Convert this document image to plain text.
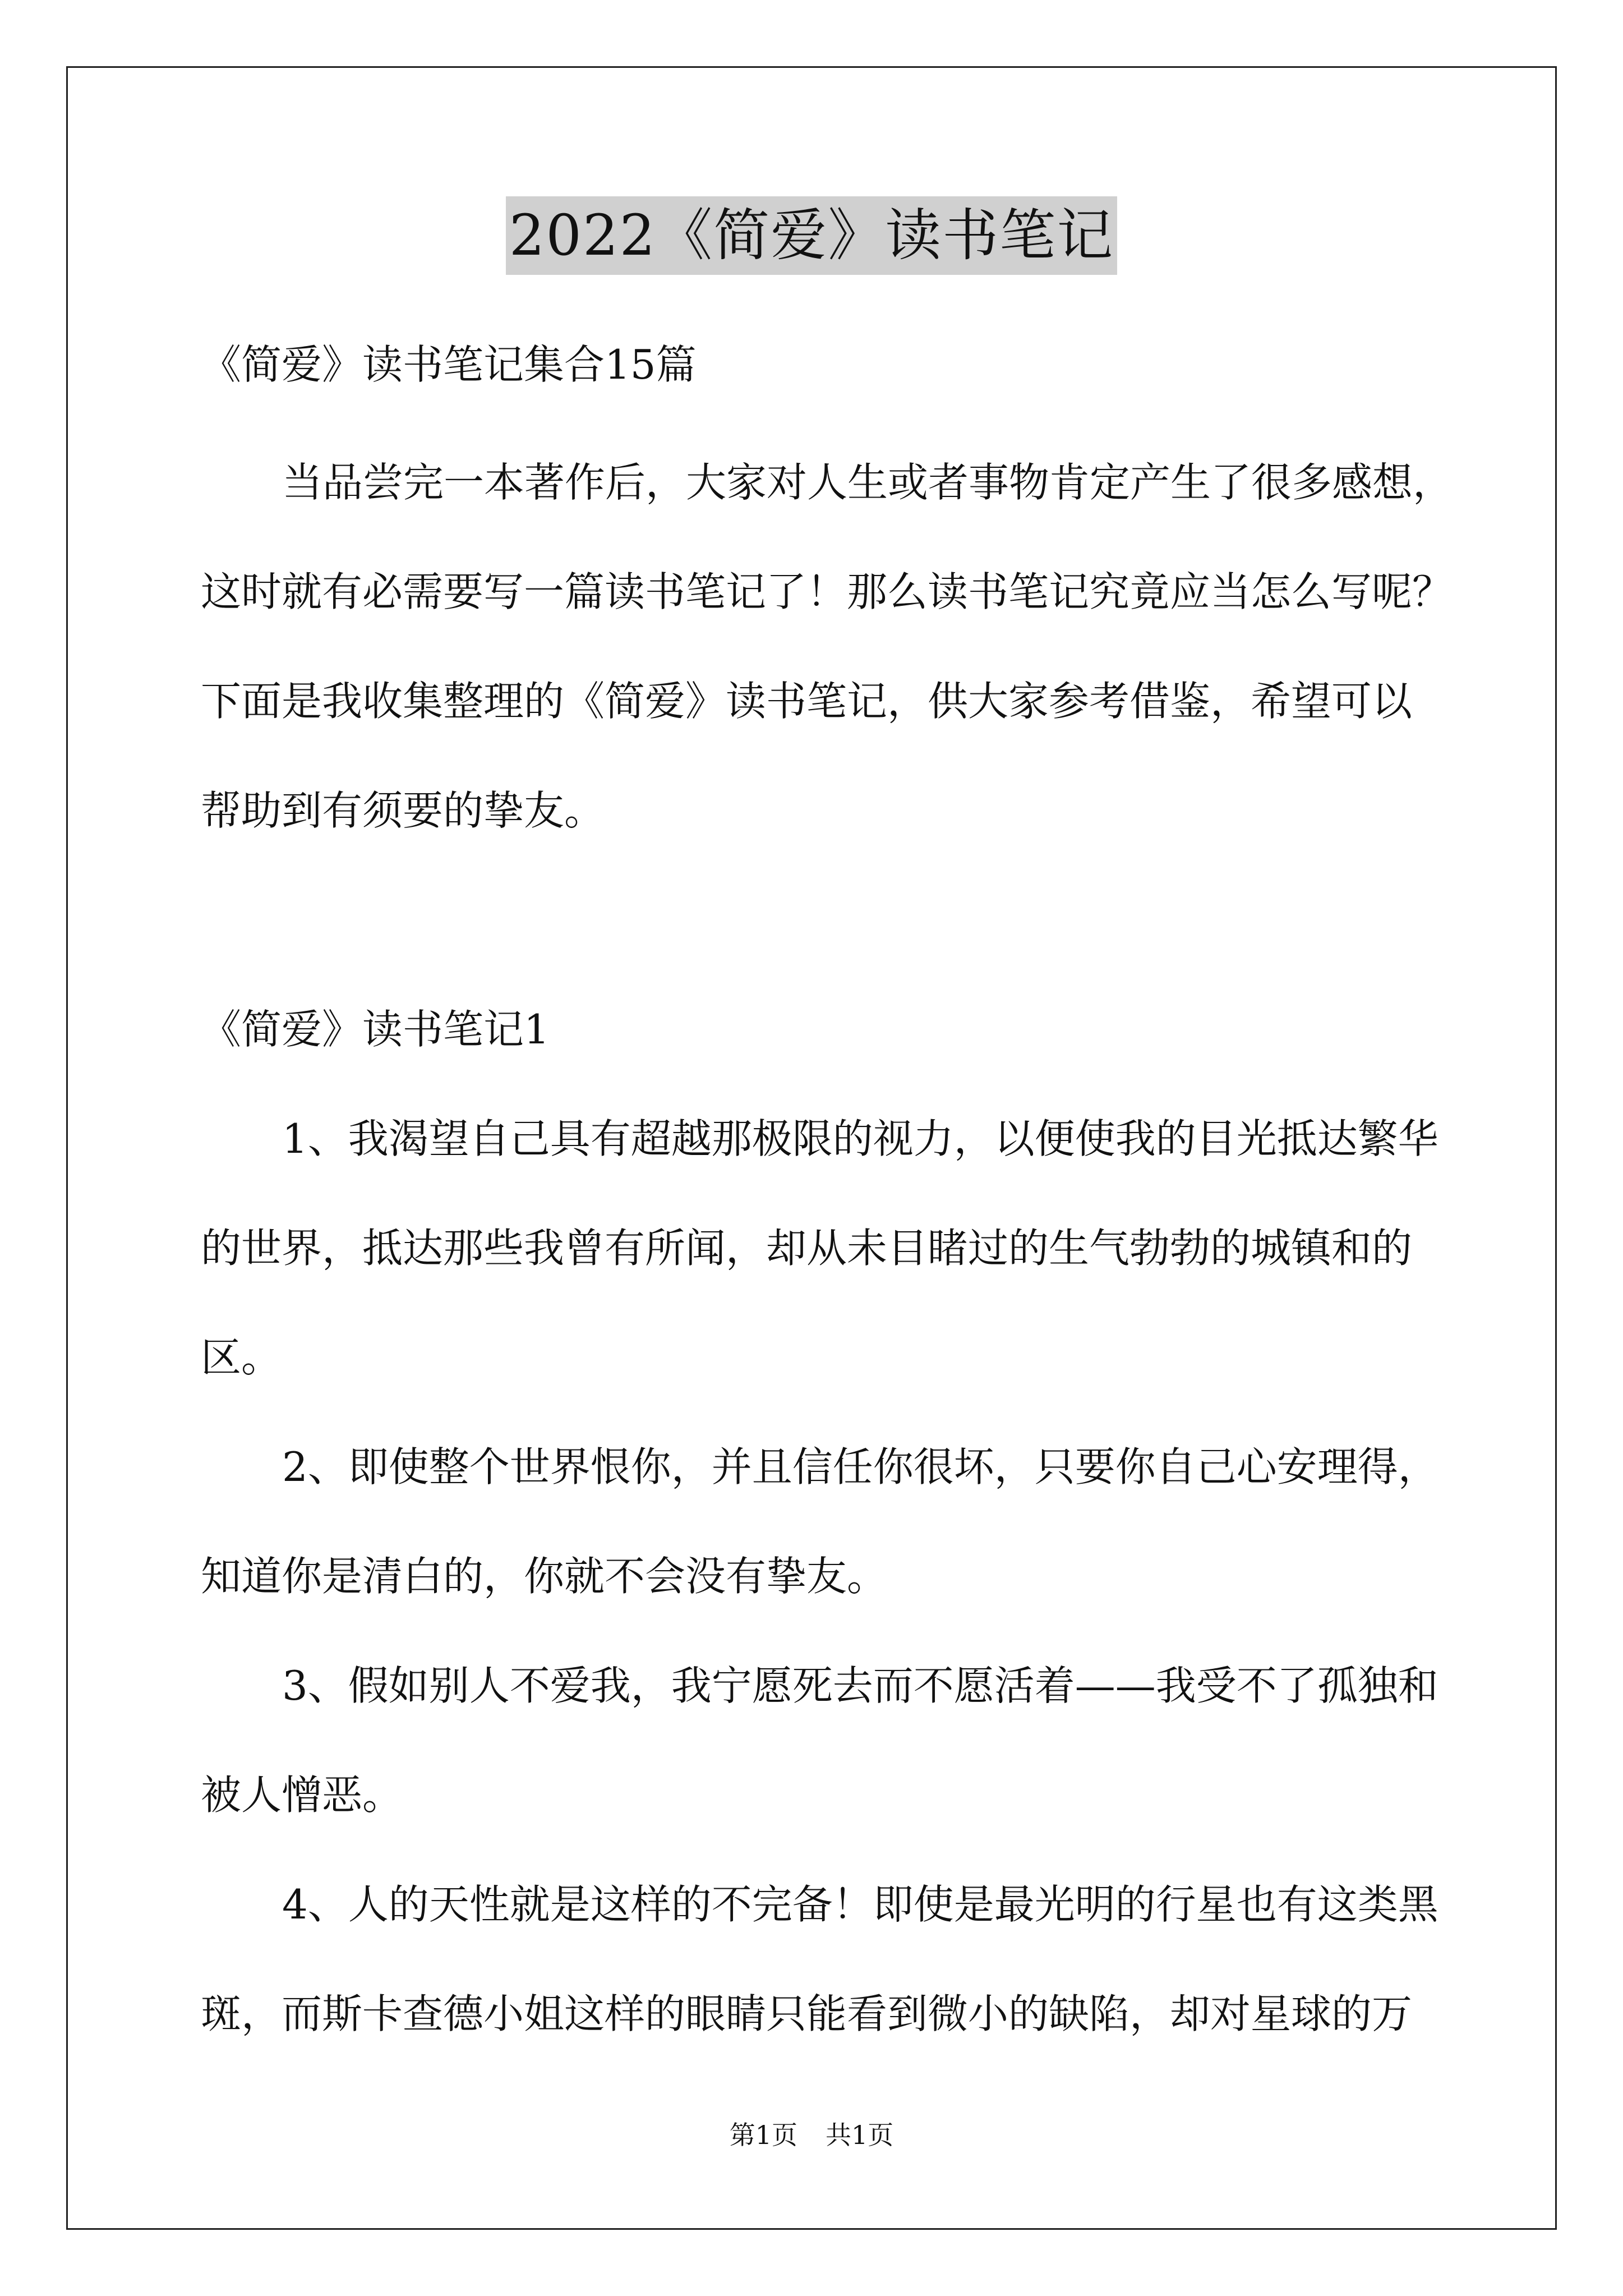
2022《简爱》读书笔记
《简爱》读书笔记集合15篇
当品尝完一本著作后，大家对人生或者事物肯定产生了很多感想，
这时就有必需要写一篇读书笔记了！那么读书笔记究竟应当怎么写呢？
下面是我收集整理的《简爱》读书笔记，供大家参考借鉴，希望可以
帮助到有须要的挚友。
《简爱》读书笔记1
1、我渴望自己具有超越那极限的视力，以便使我的目光抵达繁华
的世界，抵达那些我曾有所闻，却从未目睹过的生气勃勃的城镇和的
区。
2、即使整个世界恨你，并且信任你很坏，只要你自己心安理得，
知道你是清白的，你就不会没有挚友。
3、假如别人不爱我，我宁愿死去而不愿活着——我受不了孤独和
被人憎恶。
4、人的天性就是这样的不完备！即使是最光明的行星也有这类黑
斑，而斯卡查德小姐这样的眼睛只能看到微小的缺陷，却对星球的万
第1页 共1页
